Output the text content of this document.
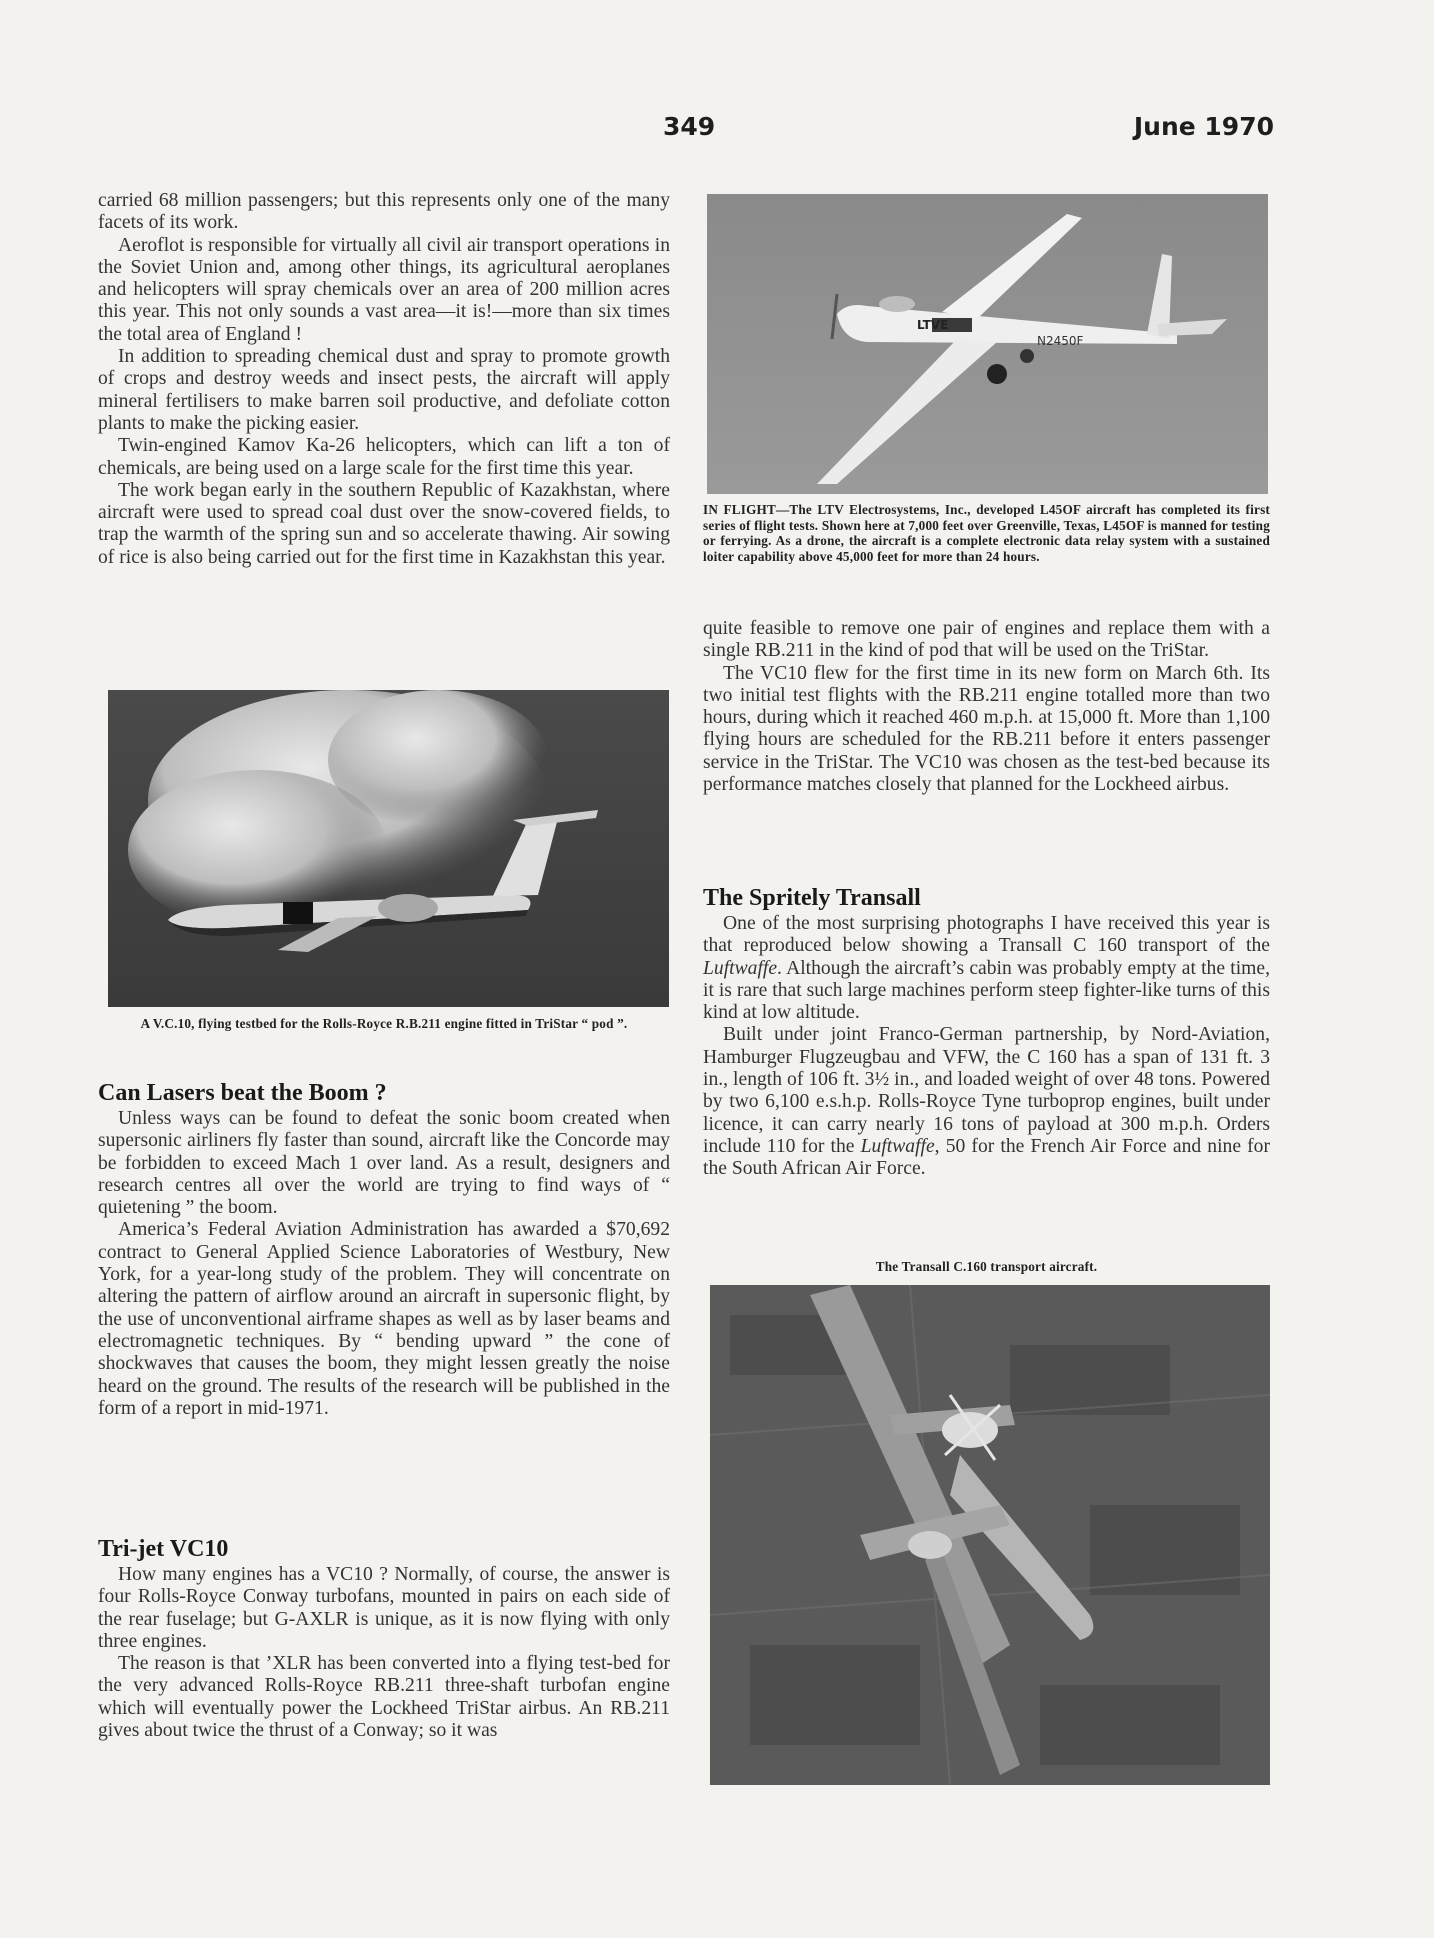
349	June 1970

carried 68 million passengers; but this represents only one of the many facets of its work.

Aeroflot is responsible for virtually all civil air transport operations in the Soviet Union and, among other things, its agricultural aeroplanes and helicopters will spray chemicals over an area of 200 million acres this year. This not only sounds a vast area—it is!—more than six times the total area of England !

In addition to spreading chemical dust and spray to promote growth of crops and destroy weeds and insect pests, the aircraft will apply mineral fertilisers to make barren soil productive, and defoliate cotton plants to make the picking easier.

Twin-engined Kamov Ka-26 helicopters, which can lift a ton of chemicals, are being used on a large scale for the first time this year.

The work began early in the southern Republic of Kazakhstan, where aircraft were used to spread coal dust over the snow-covered fields, to trap the warmth of the spring sun and so accelerate thawing. Air sowing of rice is also being carried out for the first time in Kazakhstan this year.

A V.C.10, flying testbed for the Rolls-Royce R.B.211 engine fitted in TriStar “ pod ”.
Can Lasers beat the Boom ?

Unless ways can be found to defeat the sonic boom created when supersonic airliners fly faster than sound, aircraft like the Concorde may be forbidden to exceed Mach 1 over land. As a result, designers and research centres all over the world are trying to find ways of “ quietening ” the boom.

America’s Federal Aviation Administration has awarded a $70,692 contract to General Applied Science Laboratories of Westbury, New York, for a year-long study of the problem. They will concentrate on altering the pattern of airflow around an aircraft in supersonic flight, by the use of unconventional airframe shapes as well as by laser beams and electromagnetic techniques. By “ bending upward ” the cone of shockwaves that causes the boom, they might lessen greatly the noise heard on the ground. The results of the research will be published in the form of a report in mid-1971.

Tri-jet VC10

How many engines has a VC10 ? Normally, of course, the answer is four Rolls-Royce Conway turbofans, mounted in pairs on each side of the rear fuselage; but G-AXLR is unique, as it is now flying with only three engines.

The reason is that ’XLR has been converted into a flying test-bed for the very advanced Rolls-Royce RB.211 three-shaft turbofan engine which will eventually power the Lockheed TriStar airbus. An RB.211 gives about twice the thrust of a Conway; so it was

LTVE
N2450F
IN FLIGHT—The LTV Electrosystems, Inc., developed L45OF aircraft has completed its first series of flight tests. Shown here at 7,000 feet over Greenville, Texas, L45OF is manned for testing or ferrying. As a drone, the aircraft is a complete electronic data relay system with a sustained loiter capability above 45,000 feet for more than 24 hours.

quite feasible to remove one pair of engines and replace them with a single RB.211 in the kind of pod that will be used on the TriStar.

The VC10 flew for the first time in its new form on March 6th. Its two initial test flights with the RB.211 engine totalled more than two hours, during which it reached 460 m.p.h. at 15,000 ft. More than 1,100 flying hours are scheduled for the RB.211 before it enters passenger service in the TriStar. The VC10 was chosen as the test-bed because its performance matches closely that planned for the Lockheed airbus.

The Spritely Transall

One of the most surprising photographs I have received this year is that reproduced below showing a Transall C 160 transport of the Luftwaffe. Although the aircraft’s cabin was probably empty at the time, it is rare that such large machines perform steep fighter-like turns of this kind at low altitude.

Built under joint Franco-German partnership, by Nord-Aviation, Hamburger Flugzeugbau and VFW, the C 160 has a span of 131 ft. 3 in., length of 106 ft. 3½ in., and loaded weight of over 48 tons. Powered by two 6,100 e.s.h.p. Rolls-Royce Tyne turboprop engines, built under licence, it can carry nearly 16 tons of payload at 300 m.p.h. Orders include 110 for the Luftwaffe, 50 for the French Air Force and nine for the South African Air Force.

The Transall C.160 transport aircraft.
